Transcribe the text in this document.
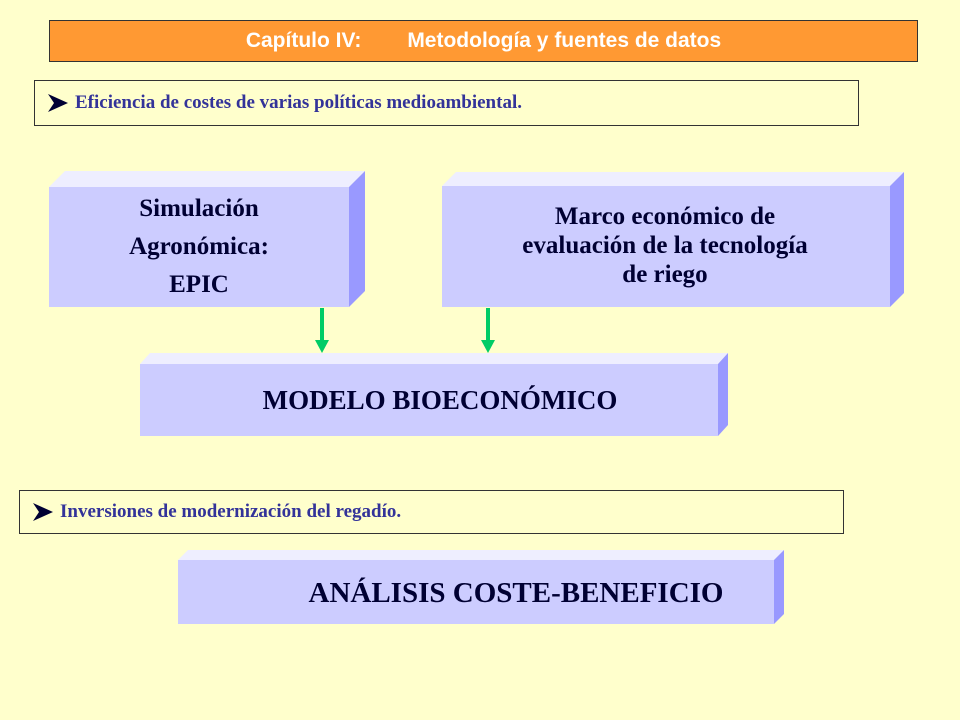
Capítulo IV: Metodología y fuentes de datos
Eficiencia de costes de varias políticas medioambiental.
Simulación
Agronómica:
EPIC
Marco económico de
evaluación de la tecnología
de riego
MODELO BIOECONÓMICO
Inversiones de modernización del regadío.
ANÁLISIS COSTE-BENEFICIO
